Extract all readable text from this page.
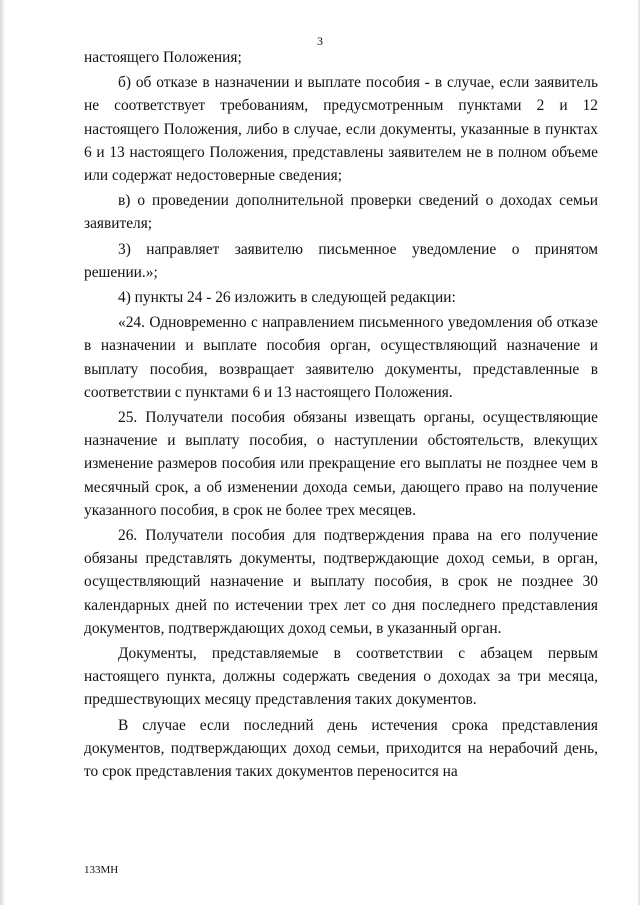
3

настоящего Положения;

б) об отказе в назначении и выплате пособия - в случае, если заявитель не соответствует требованиям, предусмотренным пунктами 2 и 12 настоящего Положения, либо в случае, если документы, указанные в пунктах 6 и 13 настоящего Положения, представлены заявителем не в полном объеме или содержат недостоверные сведения;

в) о проведении дополнительной проверки сведений о доходах семьи заявителя;

3) направляет заявителю письменное уведомление о принятом решении.»;

4) пункты 24 - 26 изложить в следующей редакции:

«24. Одновременно с направлением письменного уведомления об отказе в назначении и выплате пособия орган, осуществляющий назначение и выплату пособия, возвращает заявителю документы, представленные в соответствии с пунктами 6 и 13 настоящего Положения.

25. Получатели пособия обязаны извещать органы, осуществляющие назначение и выплату пособия, о наступлении обстоятельств, влекущих изменение размеров пособия или прекращение его выплаты не позднее чем в месячный срок, а об изменении дохода семьи, дающего право на получение указанного пособия, в срок не более трех месяцев.

26. Получатели пособия для подтверждения права на его получение обязаны представлять документы, подтверждающие доход семьи, в орган, осуществляющий назначение и выплату пособия, в срок не позднее 30 календарных дней по истечении трех лет со дня последнего представления документов, подтверждающих доход семьи, в указанный орган.

Документы, представляемые в соответствии с абзацем первым настоящего пункта, должны содержать сведения о доходах за три месяца, предшествующих месяцу представления таких документов.

В случае если последний день истечения срока представления документов, подтверждающих доход семьи, приходится на нерабочий день, то срок представления таких документов переносится на

133МН
